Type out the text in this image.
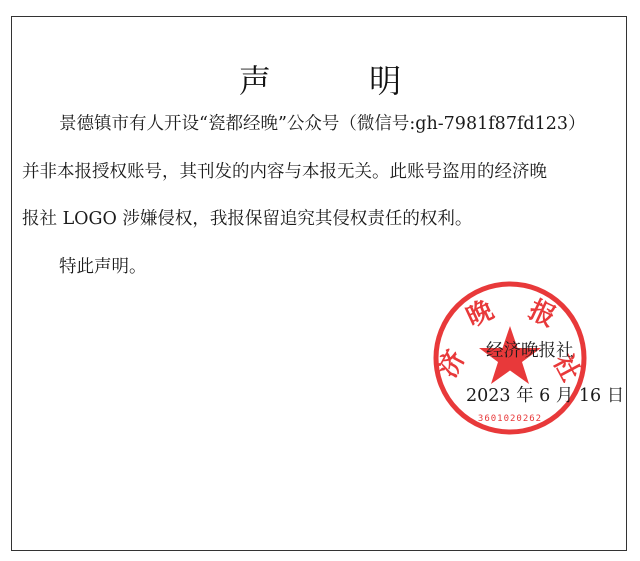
声 明
景德镇市有人开设“瓷都经晚”公众号（微信号:gh-7981f87fd123）
并非本报授权账号，其刊发的内容与本报无关。此账号盗用的经济晚
报社 LOGO 涉嫌侵权，我报保留追究其侵权责任的权利。
特此声明。
济
晚 报
社
3601020262
经济晚报社
2023 年 6 月 16 日
